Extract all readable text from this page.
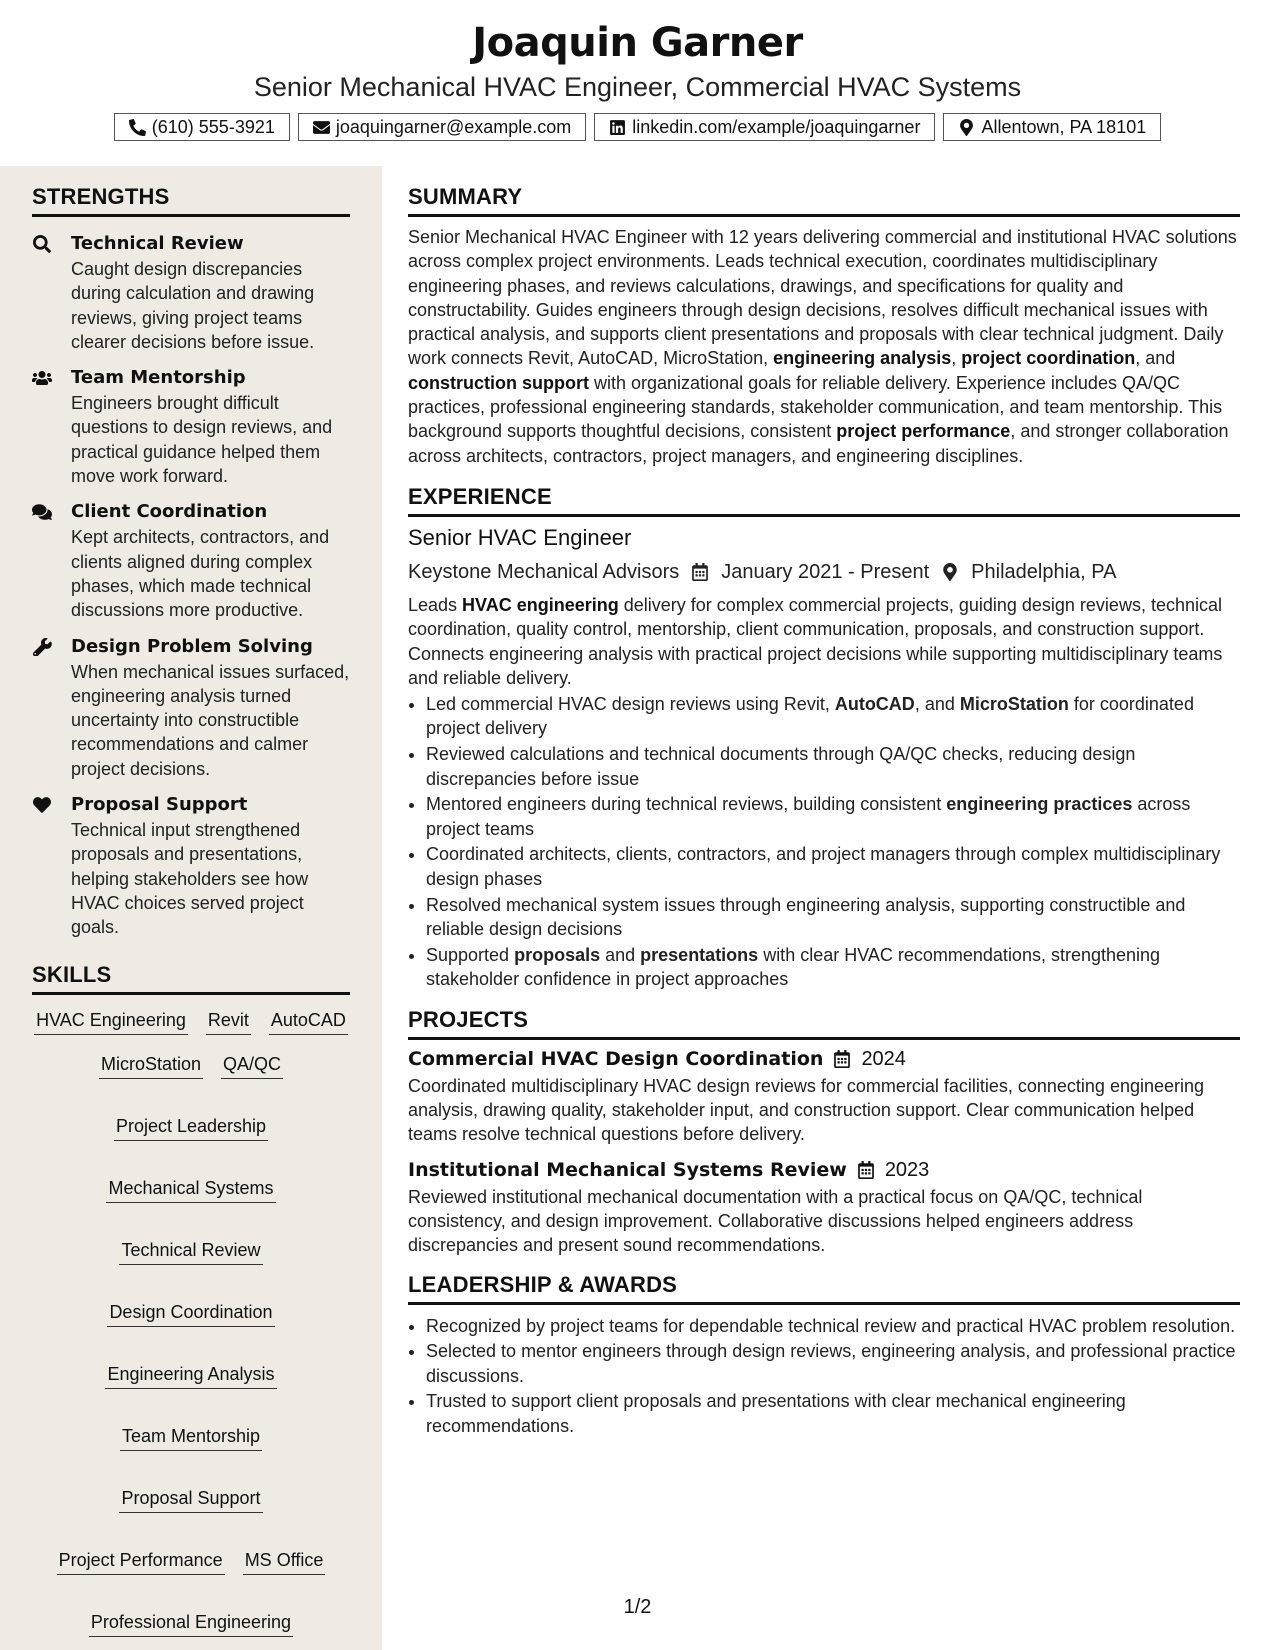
Joaquin Garner
Senior Mechanical HVAC Engineer, Commercial HVAC Systems
(610) 555-3921	joaquingarner@example.com	linkedin.com/example/joaquingarner	Allentown, PA 18101
STRENGTHS
Technical Review
Caught design discrepancies during calculation and drawing reviews, giving project teams clearer decisions before issue.
Team Mentorship
Engineers brought difficult questions to design reviews, and practical guidance helped them move work forward.
Client Coordination
Kept architects, contractors, and clients aligned during complex phases, which made technical discussions more productive.
Design Problem Solving
When mechanical issues surfaced, engineering analysis turned uncertainty into constructible recommendations and calmer project decisions.
Proposal Support
Technical input strengthened proposals and presentations, helping stakeholders see how HVAC choices served project goals.
SKILLS
HVAC Engineering Revit AutoCAD
MicroStation QA/QC
Project Leadership
Mechanical Systems
Technical Review
Design Coordination
Engineering Analysis
Team Mentorship
Proposal Support
Project Performance MS Office
Professional Engineering
SUMMARY

Senior Mechanical HVAC Engineer with 12 years delivering commercial and institutional HVAC solutions across complex project environments. Leads technical execution, coordinates multidisciplinary engineering phases, and reviews calculations, drawings, and specifications for quality and constructability. Guides engineers through design decisions, resolves difficult mechanical issues with practical analysis, and supports client presentations and proposals with clear technical judgment. Daily work connects Revit, AutoCAD, MicroStation, engineering analysis, project coordination, and construction support with organizational goals for reliable delivery. Experience includes QA/QC practices, professional engineering standards, stakeholder communication, and team mentorship. This background supports thoughtful decisions, consistent project performance, and stronger collaboration across architects, contractors, project managers, and engineering disciplines.

EXPERIENCE
Senior HVAC Engineer
Keystone Mechanical Advisors January 2021 - Present Philadelphia, PA

Leads HVAC engineering delivery for complex commercial projects, guiding design reviews, technical coordination, quality control, mentorship, client communication, proposals, and construction support. Connects engineering analysis with practical project decisions while supporting multidisciplinary teams and reliable delivery.

• Led commercial HVAC design reviews using Revit, AutoCAD, and MicroStation for coordinated project delivery
• Reviewed calculations and technical documents through QA/QC checks, reducing design discrepancies before issue
• Mentored engineers during technical reviews, building consistent engineering practices across project teams
• Coordinated architects, clients, contractors, and project managers through complex multidisciplinary design phases
• Resolved mechanical system issues through engineering analysis, supporting constructible and reliable design decisions
• Supported proposals and presentations with clear HVAC recommendations, strengthening stakeholder confidence in project approaches
PROJECTS
Commercial HVAC Design Coordination 2024

Coordinated multidisciplinary HVAC design reviews for commercial facilities, connecting engineering analysis, drawing quality, stakeholder input, and construction support. Clear communication helped teams resolve technical questions before delivery.

Institutional Mechanical Systems Review 2023

Reviewed institutional mechanical documentation with a practical focus on QA/QC, technical consistency, and design improvement. Collaborative discussions helped engineers address discrepancies and present sound recommendations.

LEADERSHIP & AWARDS
• Recognized by project teams for dependable technical review and practical HVAC problem resolution.
• Selected to mentor engineers through design reviews, engineering analysis, and professional practice discussions.
• Trusted to support client proposals and presentations with clear mechanical engineering recommendations.
1/2
